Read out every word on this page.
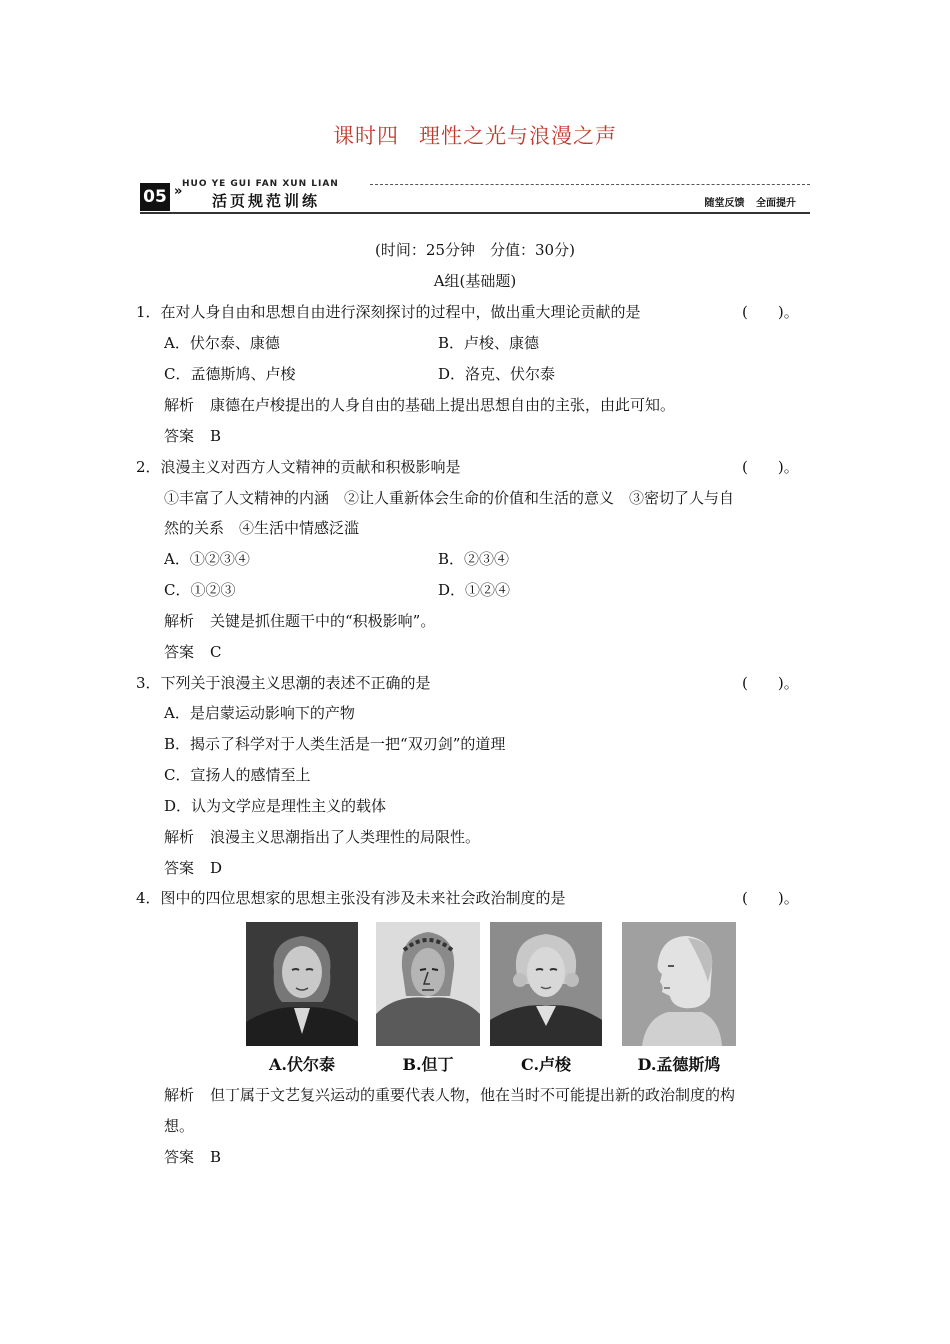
课时四 理性之光与浪漫之声
HUO YE GUI FAN XUN LIAN
05 »
活页规范训练	随堂反馈 全面提升
(时间：25分钟　分值：30分)
A组(基础题)
1．在对人身自由和思想自由进行深刻探讨的过程中，做出重大理论贡献的是	(　　)。
A．伏尔泰、康德	B．卢梭、康德
C．孟德斯鸠、卢梭	D．洛克、伏尔泰
解析 康德在卢梭提出的人身自由的基础上提出思想自由的主张，由此可知。
答案 B
2．浪漫主义对西方人文精神的贡献和积极影响是	(　　)。
①丰富了人文精神的内涵　②让人重新体会生命的价值和生活的意义　③密切了人与自
然的关系　④生活中情感泛滥
A．①②③④	B．②③④
C．①②③	D．①②④
解析 关键是抓住题干中的“积极影响”。
答案 C
3．下列关于浪漫主义思潮的表述不正确的是	(　　)。
A．是启蒙运动影响下的产物
B．揭示了科学对于人类生活是一把“双刃剑”的道理
C．宣扬人的感情至上
D．认为文学应是理性主义的载体
解析 浪漫主义思潮指出了人类理性的局限性。
答案 D
4．图中的四位思想家的思想主张没有涉及未来社会政治制度的是	(　　)。
A.伏尔泰	B.但丁	C.卢梭	D.孟德斯鸠
解析 但丁属于文艺复兴运动的重要代表人物，他在当时不可能提出新的政治制度的构
想。
答案 B
